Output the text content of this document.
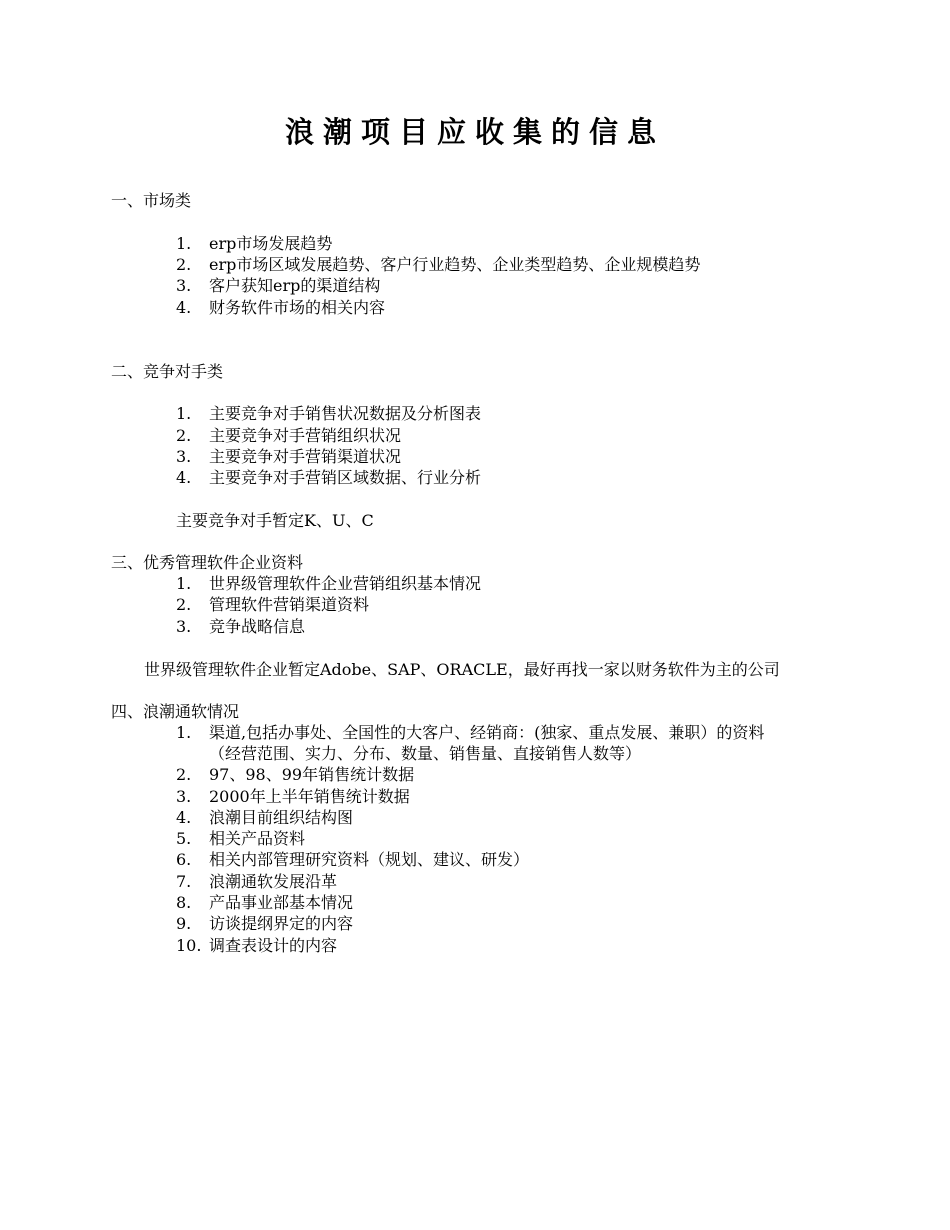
浪潮项目应收集的信息
一、市场类
1. erp市场发展趋势
2. erp市场区域发展趋势、客户行业趋势、企业类型趋势、企业规模趋势
3. 客户获知erp的渠道结构
4. 财务软件市场的相关内容
二、竞争对手类
1. 主要竞争对手销售状况数据及分析图表
2. 主要竞争对手营销组织状况
3. 主要竞争对手营销渠道状况
4. 主要竞争对手营销区域数据、行业分析
主要竞争对手暂定K、U、C
三、优秀管理软件企业资料
1. 世界级管理软件企业营销组织基本情况
2. 管理软件营销渠道资料
3. 竞争战略信息
世界级管理软件企业暂定Adobe、SAP、ORACLE，最好再找一家以财务软件为主的公司
四、浪潮通软情况
1. 渠道,包括办事处、全国性的大客户、经销商：(独家、重点发展、兼职）的资料
（经营范围、实力、分布、数量、销售量、直接销售人数等）
2. 97、98、99年销售统计数据
3. 2000年上半年销售统计数据
4. 浪潮目前组织结构图
5. 相关产品资料
6. 相关内部管理研究资料（规划、建议、研发）
7. 浪潮通软发展沿革
8. 产品事业部基本情况
9. 访谈提纲界定的内容
10. 调查表设计的内容
